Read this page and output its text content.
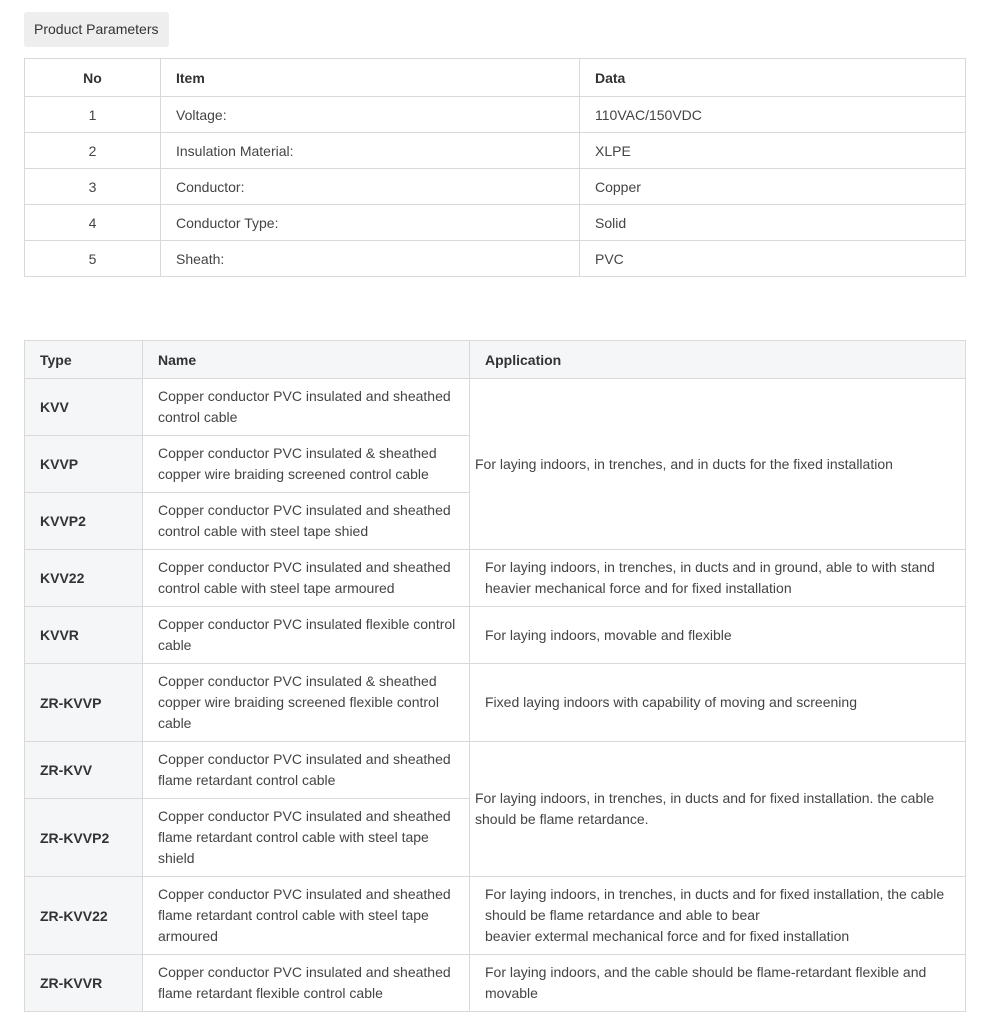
Product Parameters
No	Item	Data
1	Voltage:	110VAC/150VDC
2	Insulation Material:	XLPE
3	Conductor:	Copper
4	Conductor Type:	Solid
5	Sheath:	PVC
Type	Name	Application
KVV	Copper conductor PVC insulated and sheathed control cable	For laying indoors, in trenches, and in ducts for the fixed installation
KVVP	Copper conductor PVC insulated & sheathed copper wire braiding screened control cable	
KVVP2	Copper conductor PVC insulated and sheathed control cable with steel tape shied	
KVV22	Copper conductor PVC insulated and sheathed control cable with steel tape armoured	For laying indoors, in trenches, in ducts and in ground, able to with stand heavier mechanical force and for fixed installation
KVVR	Copper conductor PVC insulated flexible control cable	For laying indoors, movable and flexible
ZR-KVVP	Copper conductor PVC insulated & sheathed copper wire braiding screened flexible control cable	Fixed laying indoors with capability of moving and screening
ZR-KVV	Copper conductor PVC insulated and sheathed flame retardant control cable	For laying indoors, in trenches, in ducts and for fixed installation. the cable should be flame retardance.
ZR-KVVP2	Copper conductor PVC insulated and sheathed flame retardant control cable with steel tape shield	
ZR-KVV22	Copper conductor PVC insulated and sheathed flame retardant control cable with steel tape armoured	For laying indoors, in trenches, in ducts and for fixed installation, the cable should be flame retardance and able to bear
beavier extermal mechanical force and for fixed installation
ZR-KVVR	Copper conductor PVC insulated and sheathed flame retardant flexible control cable	For laying indoors, and the cable should be flame-retardant flexible and movable
